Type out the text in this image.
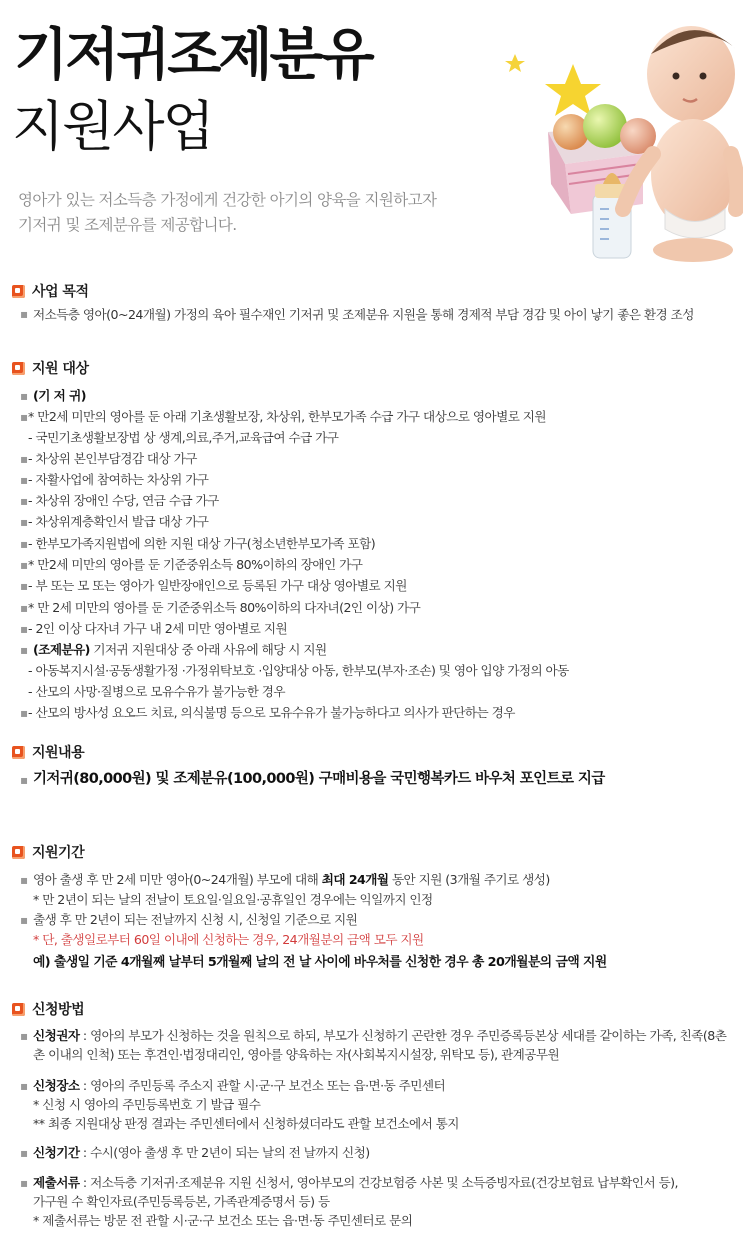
기저귀조제분유
지원사업
영아가 있는 저소득층 가정에게 건강한 아기의 양육을 지원하고자
기저귀 및 조제분유를 제공합니다.
사업 목적
▪ 저소득층 영아(0~24개월) 가정의 육아 필수재인 기저귀 및 조제분유 지원을 통해 경제적 부담 경감 및 아이 낳기 좋은 환경 조성
지원 대상
▪ (기 저 귀)
▪ * 만2세 미만의 영아를 둔 아래 기초생활보장, 차상위, 한부모가족 수급 가구 대상으로 영아별로 지원
- 국민기초생활보장법 상 생계,의료,주거,교육급여 수급 가구
▪ - 차상위 본인부담경감 대상 가구
▪ - 자활사업에 참여하는 차상위 가구
▪ - 차상위 장애인 수당, 연금 수급 가구
▪ - 차상위계층확인서 발급 대상 가구
▪ - 한부모가족지원법에 의한 지원 대상 가구(청소년한부모가족 포함)
▪ * 만2세 미만의 영아를 둔 기준중위소득 80%이하의 장애인 가구
▪ - 부 또는 모 또는 영아가 일반장애인으로 등록된 가구 대상 영아별로 지원
▪ * 만 2세 미만의 영아를 둔 기준중위소득 80%이하의 다자녀(2인 이상) 가구
▪ - 2인 이상 다자녀 가구 내 2세 미만 영아별로 지원
▪ (조제분유) 기저귀 지원대상 중 아래 사유에 해당 시 지원
- 아동복지시설·공동생활가정 ·가정위탁보호 ·입양대상 아동, 한부모(부자·조손) 및 영아 입양 가정의 아동
- 산모의 사망·질병으로 모유수유가 불가능한 경우
▪ - 산모의 방사성 요오드 치료, 의식불명 등으로 모유수유가 불가능하다고 의사가 판단하는 경우
지원내용
▪ 기저귀(80,000원) 및 조제분유(100,000원) 구매비용을 국민행복카드 바우처 포인트로 지급
지원기간
▪ 영아 출생 후 만 2세 미만 영아(0~24개월) 부모에 대해 최대 24개월 동안 지원 (3개월 주기로 생성)
* 만 2년이 되는 날의 전날이 토요일·일요일·공휴일인 경우에는 익일까지 인정
▪ 출생 후 만 2년이 되는 전날까지 신청 시, 신청일 기준으로 지원
* 단, 출생일로부터 60일 이내에 신청하는 경우, 24개월분의 금액 모두 지원
예) 출생일 기준 4개월째 날부터 5개월째 날의 전 날 사이에 바우처를 신청한 경우 총 20개월분의 금액 지원
신청방법
▪ 신청권자 : 영아의 부모가 신청하는 것을 원칙으로 하되, 부모가 신청하기 곤란한 경우 주민증록등본상 세대를 같이하는 가족, 친족(8촌
촌 이내의 인척) 또는 후견인·법정대리인, 영아를 양육하는 자(사회복지시설장, 위탁모 등), 관계공무원
▪ 신청장소 : 영아의 주민등록 주소지 관할 시·군·구 보건소 또는 읍·면·동 주민센터
* 신청 시 영아의 주민등록번호 기 발급 필수
** 최종 지원대상 판정 결과는 주민센터에서 신청하셨더라도 관할 보건소에서 통지
▪ 신청기간 : 수시(영아 출생 후 만 2년이 되는 날의 전 날까지 신청)
▪ 제출서류 : 저소득층 기저귀·조제분유 지원 신청서, 영아부모의 건강보험증 사본 및 소득증빙자료(건강보험료 납부확인서 등),
가구원 수 확인자료(주민등록등본, 가족관계증명서 등) 등
* 제출서류는 방문 전 관할 시·군·구 보건소 또는 읍·면·동 주민센터로 문의
